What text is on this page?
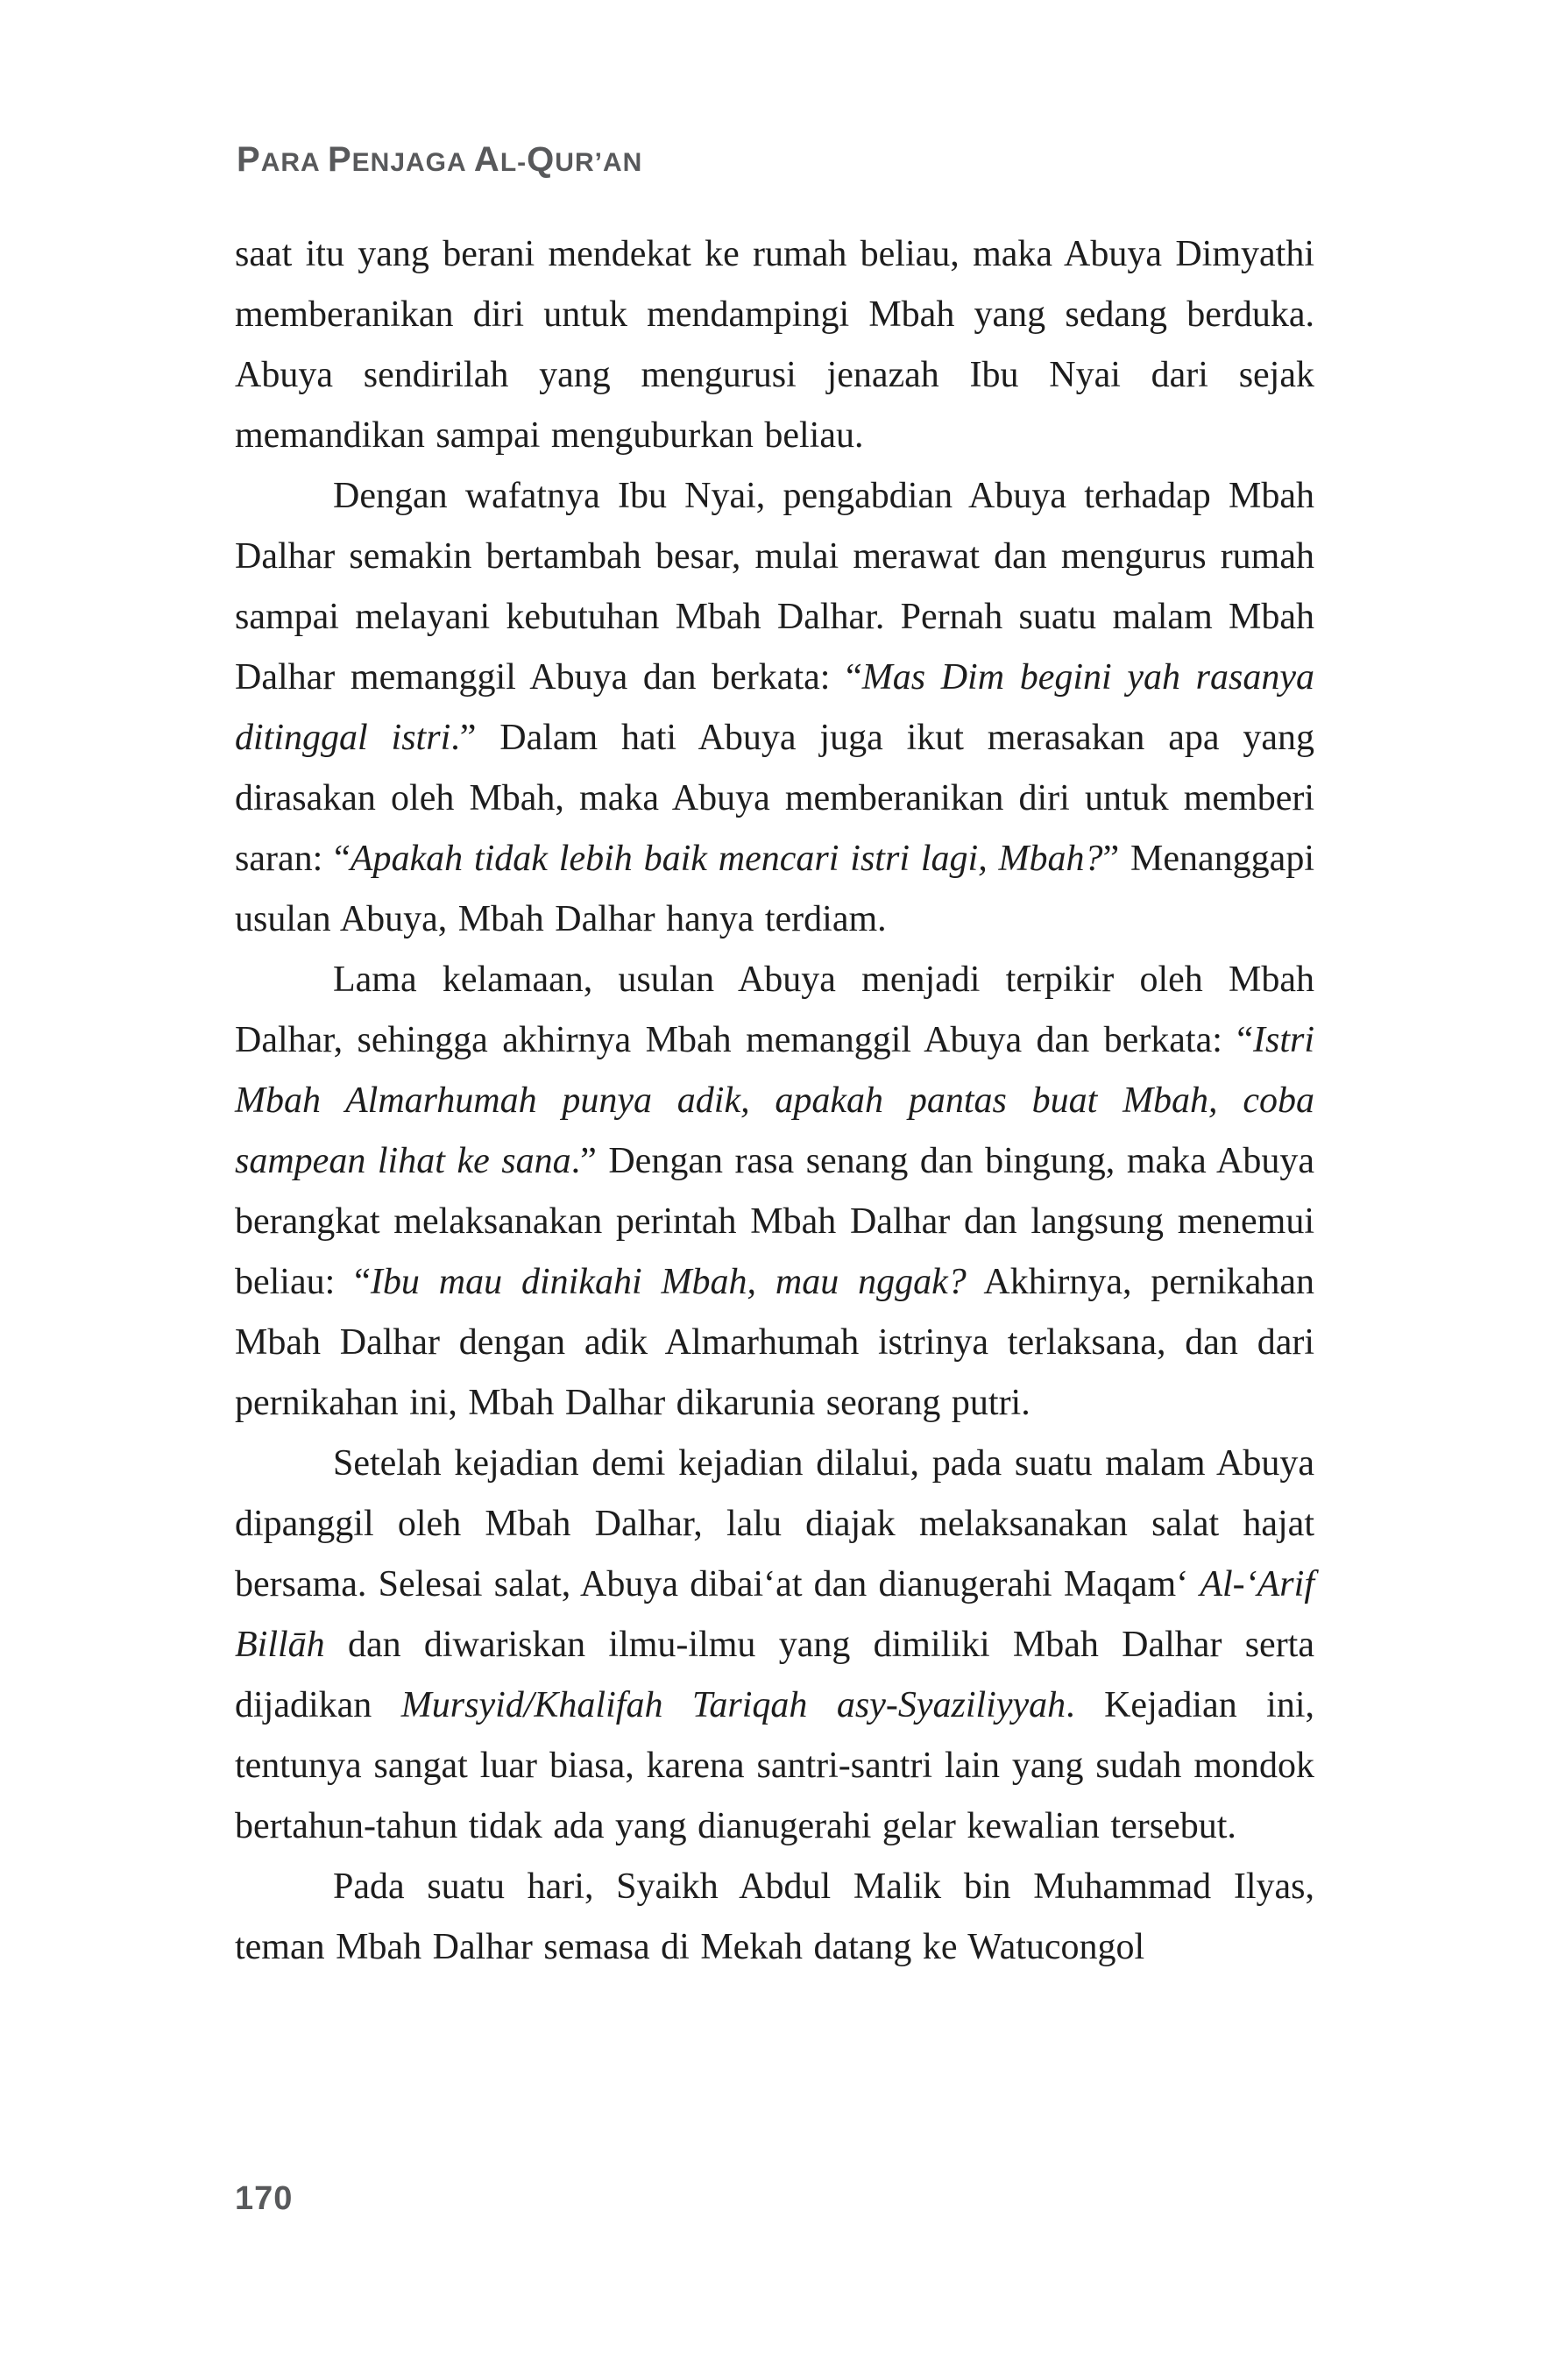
PARA PENJAGA AL-QUR’AN

saat itu yang berani mendekat ke rumah beliau, maka Abuya Dimyathi memberanikan diri untuk mendampingi Mbah yang sedang berduka. Abuya sendirilah yang mengurusi jenazah Ibu Nyai dari sejak memandikan sampai menguburkan beliau.

Dengan wafatnya Ibu Nyai, pengabdian Abuya terhadap Mbah Dalhar semakin bertambah besar, mulai merawat dan mengurus rumah sampai melayani kebutuhan Mbah Dalhar. Pernah suatu malam Mbah Dalhar memanggil Abuya dan berkata: “Mas Dim begini yah rasanya ditinggal istri.” Dalam hati Abuya juga ikut merasakan apa yang dirasakan oleh Mbah, maka Abuya memberanikan diri untuk memberi saran: “Apakah tidak lebih baik mencari istri lagi, Mbah?” Menanggapi usulan Abuya, Mbah Dalhar hanya terdiam.

Lama kelamaan, usulan Abuya menjadi terpikir oleh Mbah Dalhar, sehingga akhirnya Mbah memanggil Abuya dan berkata: “Istri Mbah Almarhumah punya adik, apakah pantas buat Mbah, coba sampean lihat ke sana.” Dengan rasa senang dan bingung, maka Abuya berangkat melaksanakan perintah Mbah Dalhar dan langsung menemui beliau: “Ibu mau dinikahi Mbah, mau nggak? Akhirnya, pernikahan Mbah Dalhar dengan adik Almarhumah istrinya terlaksana, dan dari pernikahan ini, Mbah Dalhar dikarunia seorang putri.

Setelah kejadian demi kejadian dilalui, pada suatu malam Abuya dipanggil oleh Mbah Dalhar, lalu diajak melaksanakan salat hajat bersama. Selesai salat, Abuya dibai‘at dan dianugerahi Maqam‘ Al-‘Arif Billāh dan diwariskan ilmu-ilmu yang dimiliki Mbah Dalhar serta dijadikan Mursyid/Khalifah Tariqah asy-Syaziliyyah. Kejadian ini, tentunya sangat luar biasa, karena santri-santri lain yang sudah mondok bertahun-tahun tidak ada yang dianugerahi gelar kewalian tersebut.

Pada suatu hari, Syaikh Abdul Malik bin Muhammad Ilyas, teman Mbah Dalhar semasa di Mekah datang ke Watucongol

170
